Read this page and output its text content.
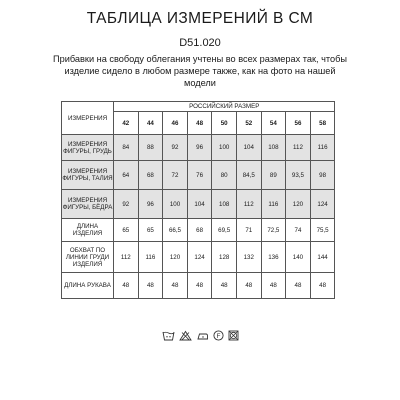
ТАБЛИЦА ИЗМЕРЕНИЙ В СМ
D51.020
Прибавки на свободу облегания учтены во всех размерах так, чтобы изделие сидело в любом размере также, как на фото на нашей модели
ИЗМЕРЕНИЯ	РОССИЙСКИЙ РАЗМЕР								
	42	44	46	48	50	52	54	56	58
ИЗМЕРЕНИЯ ФИГУРЫ, ГРУДЬ	84	88	92	96	100	104	108	112	116
ИЗМЕРЕНИЯ ФИГУРЫ, ТАЛИЯ	64	68	72	76	80	84,5	89	93,5	98
ИЗМЕРЕНИЯ ФИГУРЫ, БЁДРА	92	96	100	104	108	112	116	120	124
ДЛИНА ИЗДЕЛИЯ	65	65	66,5	68	69,5	71	72,5	74	75,5
ОБХВАТ ПО ЛИНИИ ГРУДИ ИЗДЕЛИЯ	112	116	120	124	128	132	136	140	144
ДЛИНА РУКАВА	48	48	48	48	48	48	48	48	48
F
